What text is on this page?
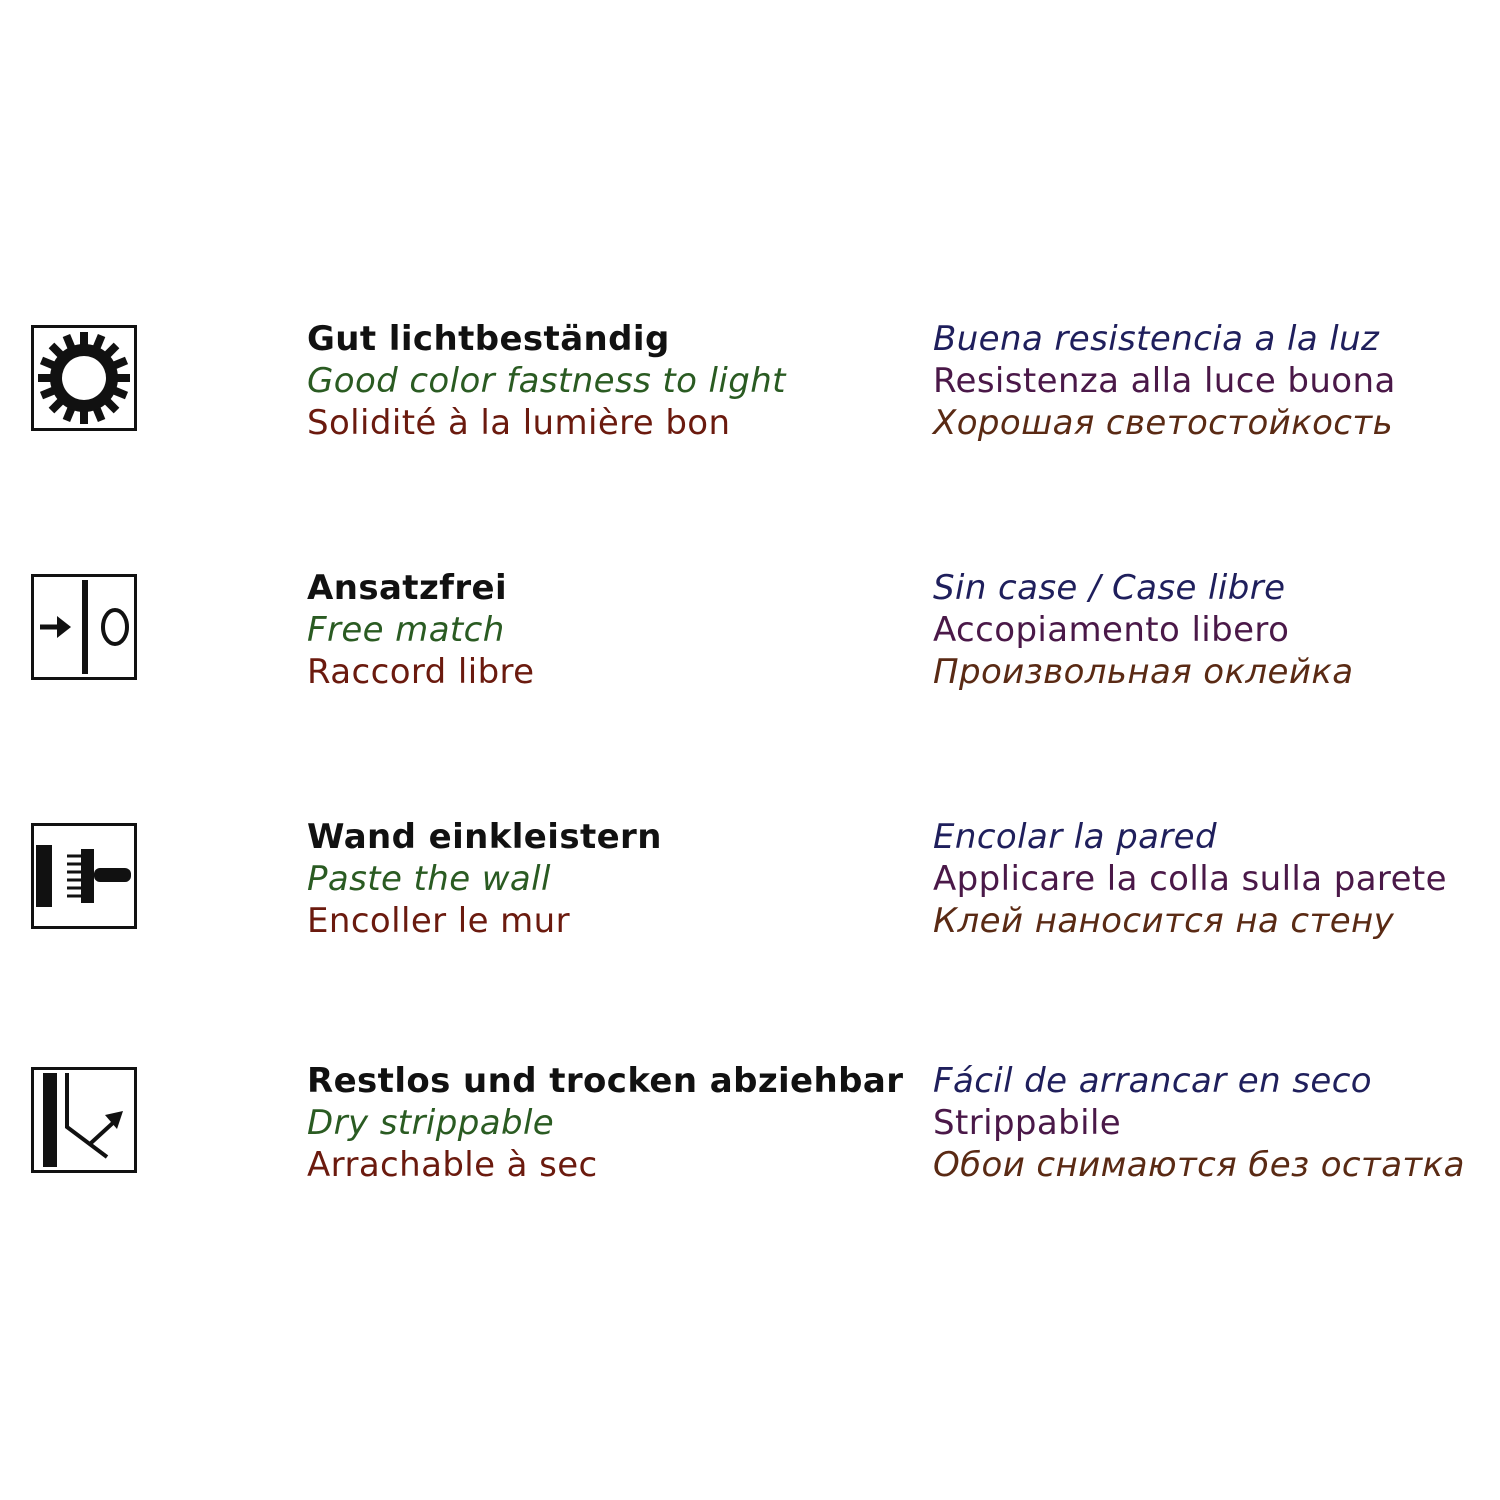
Gut lichtbeständig
Good color fastness to light
Solidité à la lumière bon
Buena resistencia a la luz
Resistenza alla luce buona
Хорошая светостойкость
Ansatzfrei
Free match
Raccord libre
Sin case / Case libre
Accopiamento libero
Произвольная оклейка
Wand einkleistern
Paste the wall
Encoller le mur
Encolar la pared
Applicare la colla sulla parete
Клей наносится на стену
Restlos und trocken abziehbar
Dry strippable
Arrachable à sec
Fácil de arrancar en seco
Strippabile
Обои снимаются без остатка
